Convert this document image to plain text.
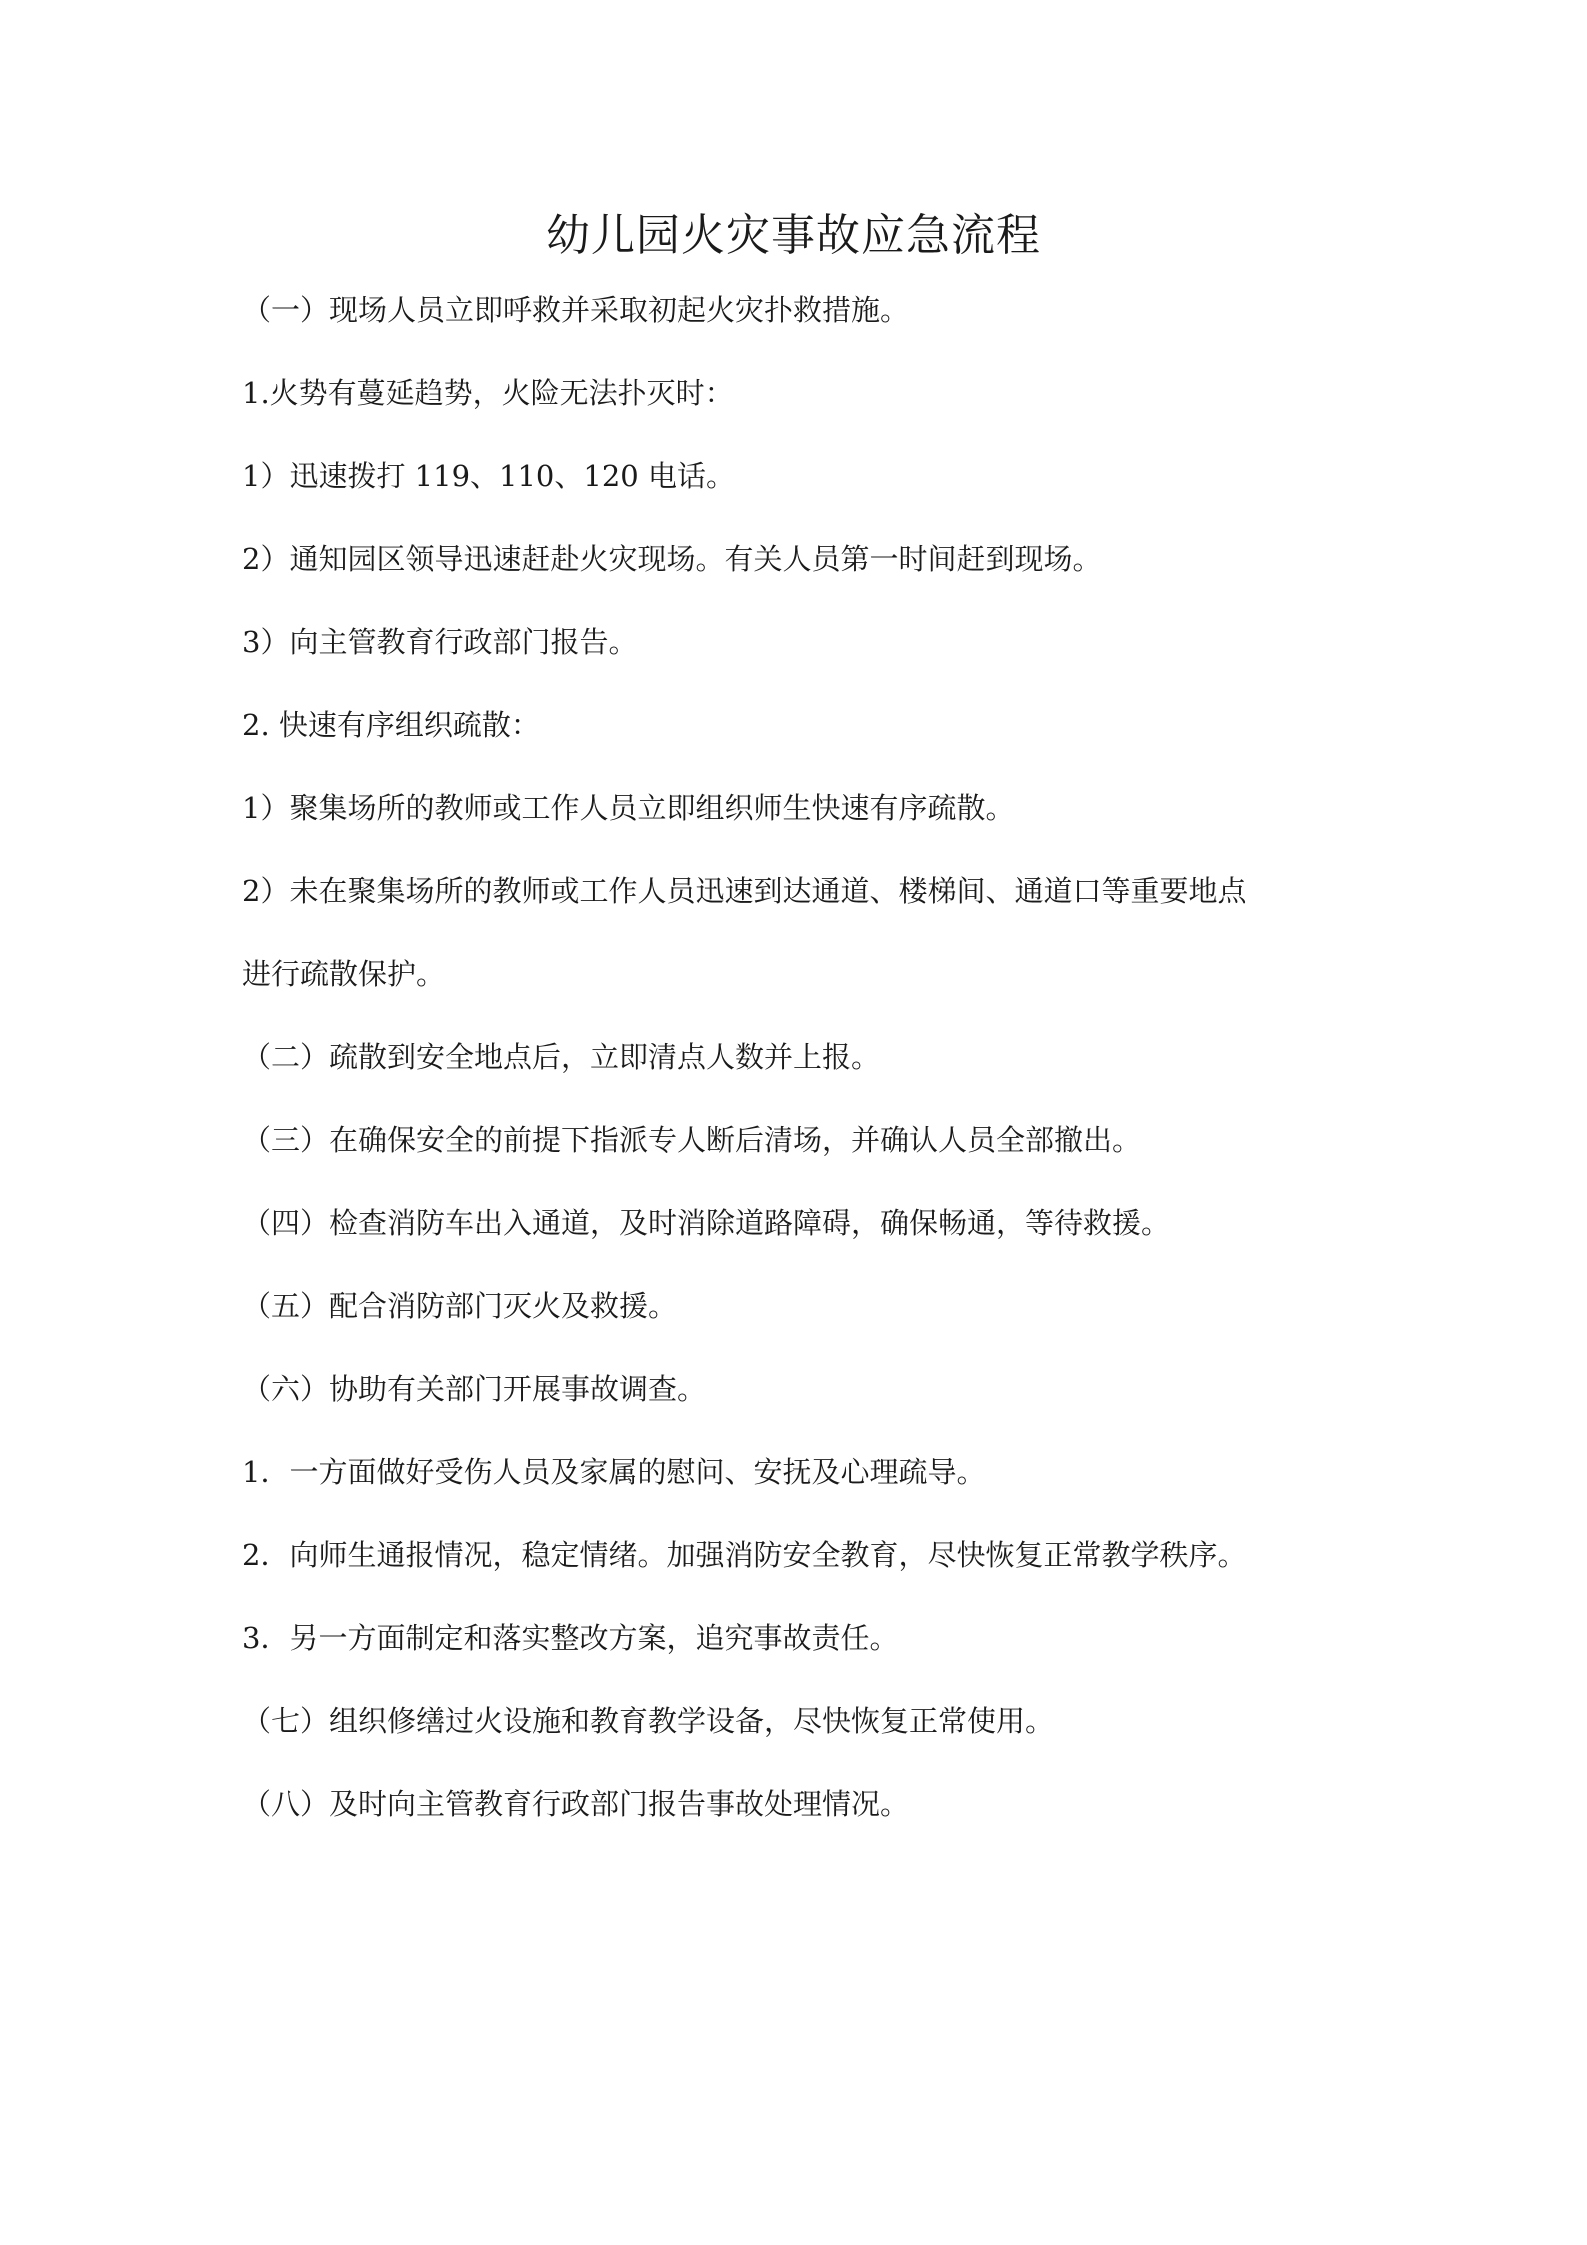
幼儿园火灾事故应急流程
（一）现场人员立即呼救并采取初起火灾扑救措施。
1.火势有蔓延趋势，火险无法扑灭时：
1）迅速拨打 119、110、120 电话。
2）通知园区领导迅速赶赴火灾现场。有关人员第一时间赶到现场。
3）向主管教育行政部门报告。
2. 快速有序组织疏散：
1）聚集场所的教师或工作人员立即组织师生快速有序疏散。
2）未在聚集场所的教师或工作人员迅速到达通道、楼梯间、通道口等重要地点
进行疏散保护。
（二）疏散到安全地点后，立即清点人数并上报。
（三）在确保安全的前提下指派专人断后清场，并确认人员全部撤出。
（四）检查消防车出入通道，及时消除道路障碍，确保畅通，等待救援。
（五）配合消防部门灭火及救援。
（六）协助有关部门开展事故调查。
1．一方面做好受伤人员及家属的慰问、安抚及心理疏导。
2．向师生通报情况，稳定情绪。加强消防安全教育，尽快恢复正常教学秩序。
3．另一方面制定和落实整改方案，追究事故责任。
（七）组织修缮过火设施和教育教学设备，尽快恢复正常使用。
（八）及时向主管教育行政部门报告事故处理情况。
